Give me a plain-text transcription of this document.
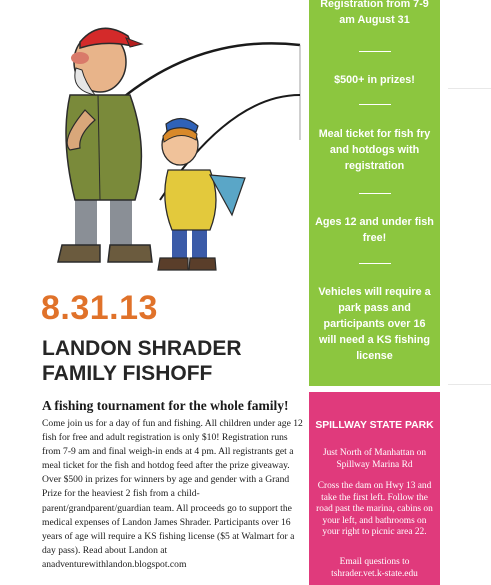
8.31.13
LANDON SHRADER
FAMILY FISHOFF
A fishing tournament for the whole family!
Come join us for a day of fun and fishing. All children under age 12 fish for free and adult registration is only $10! Registration runs from 7-9 am and final weigh-in ends at 4 pm. All registrants get a meal ticket for the fish and hotdog feed after the prize giveaway. Over $500 in prizes for winners by age and gender with a Grand Prize for the heaviest 2 fish from a child-parent/grandparent/guardian team. All proceeds go to support the medical expenses of Landon James Shrader. Participants over 16 years of age will require a KS fishing license ($5 at Walmart for a day pass). Read about Landon at anadventurewithlandon.blogspot.com
Registration from 7-9 am August 31
$500+ in prizes!
Meal ticket for fish fry and hotdogs with registration
Ages 12 and under fish free!
Vehicles will require a park pass and participants over 16 will need a KS fishing license
SPILLWAY STATE PARK
Just North of Manhattan on Spillway Marina Rd
Cross the dam on Hwy 13 and take the first left. Follow the road past the marina, cabins on your left, and bathrooms on your right to picnic area 22.
Email questions to tshrader.vet.k-state.edu
